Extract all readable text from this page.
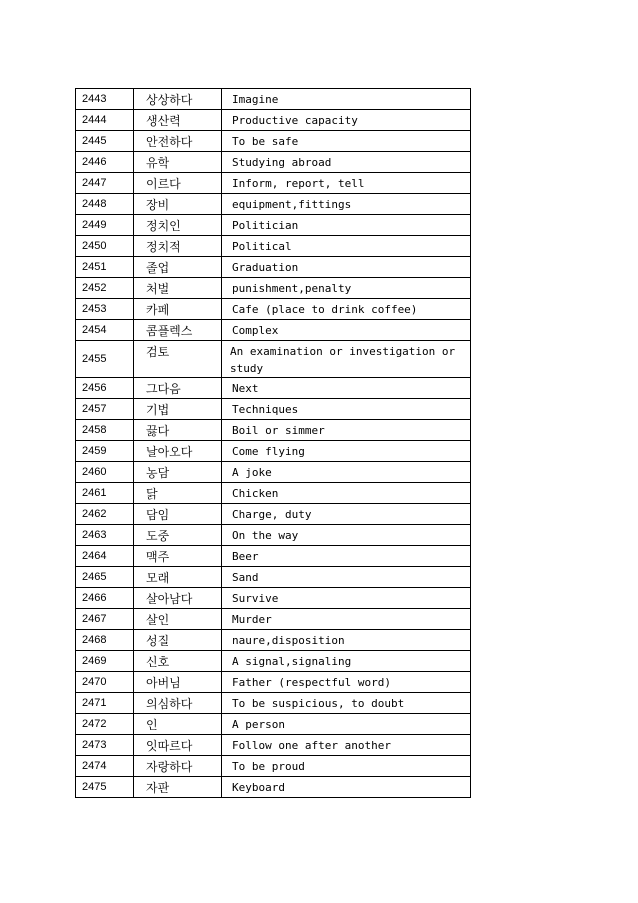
2443	상상하다	Imagine
2444	생산력	Productive capacity
2445	안전하다	To be safe
2446	유학	Studying abroad
2447	이르다	Inform, report, tell
2448	장비	equipment,fittings
2449	정치인	Politician
2450	정치적	Political
2451	졸업	Graduation
2452	처벌	punishment,penalty
2453	카페	Cafe (place to drink coffee)
2454	콤플렉스	Complex
2455	검토	An examination or investigation or study
2456	그다음	Next
2457	기법	Techniques
2458	끓다	Boil or simmer
2459	날아오다	Come flying
2460	농담	A joke
2461	닭	Chicken
2462	담임	Charge, duty
2463	도중	On the way
2464	맥주	Beer
2465	모래	Sand
2466	살아남다	Survive
2467	살인	Murder
2468	성질	naure,disposition
2469	신호	A signal,signaling
2470	아버님	Father (respectful word)
2471	의심하다	To be suspicious, to doubt
2472	인	A person
2473	잇따르다	Follow one after another
2474	자랑하다	To be proud
2475	자판	Keyboard
